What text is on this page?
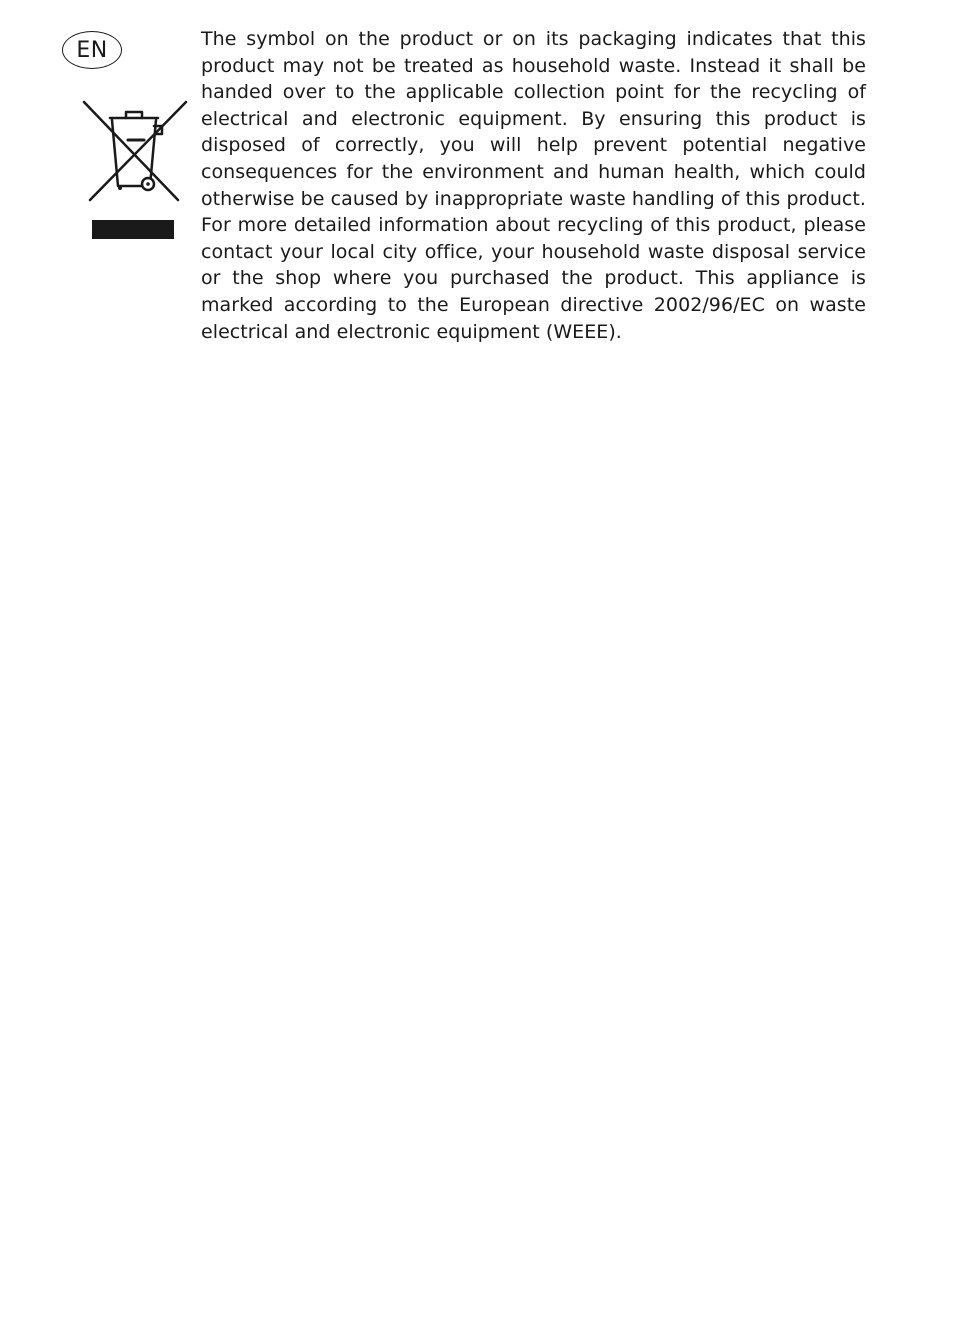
EN	The symbol on the product or on its packaging indicates that this product may not be treated as household waste. Instead it shall be handed over to the applicable collection point for the recycling of electrical and electronic equipment. By ensuring this product is disposed of correctly, you will help prevent potential negative consequences for the environment and human health, which could otherwise be caused by inappropriate waste handling of this product. For more detailed information about recycling of this product, please contact your local city office, your household waste disposal service or the shop where you purchased the product. This appliance is marked according to the European directive 2002/96/EC on waste electrical and electronic equipment (WEEE).
